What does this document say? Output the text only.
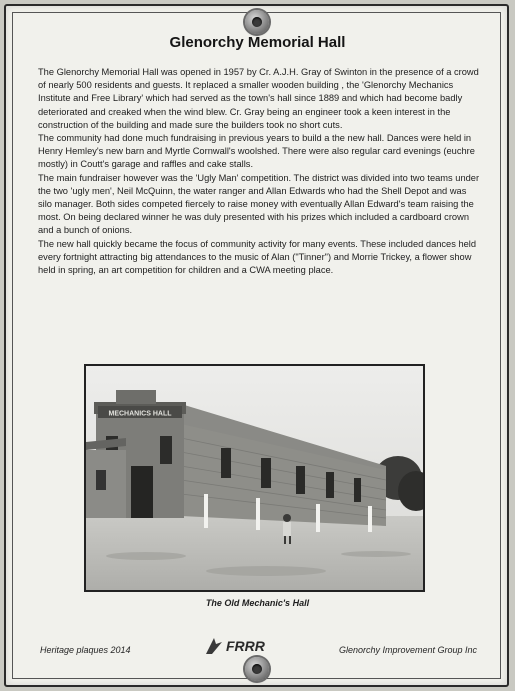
Glenorchy Memorial Hall

The Glenorchy Memorial Hall was opened in 1957 by Cr. A.J.H. Gray of Swinton in the presence of a crowd of nearly 500 residents and guests. It replaced a smaller wooden building , the 'Glenorchy Mechanics Institute and Free Library' which had served as the town's hall since 1889 and which had become badly deteriorated and creaked when the wind blew. Cr. Gray being an engineer took a keen interest in the construction of the building and made sure the builders took no short cuts.

The community had done much fundraising in previous years to build a the new hall. Dances were held in Henry Hemley's new barn and Myrtle Cornwall's woolshed. There were also regular card evenings (euchre mostly) in Coutt's garage and raffles and cake stalls.

The main fundraiser however was the 'Ugly Man' competition. The district was divided into two teams under the two 'ugly men', Neil McQuinn, the water ranger and Allan Edwards who had the Shell Depot and was silo manager. Both sides competed fiercely to raise money with eventually Allan Edward's team raising the most. On being declared winner he was duly presented with his prizes which included a cardboard crown and a bunch of onions.

The new hall quickly became the focus of community activity for many events. These included dances held every fortnight attracting big attendances to the music of Alan ("Tinner") and Morrie Trickey, a flower show held in spring, an art competition for children and a CWA meeting place.

MECHANICS HALL
The Old Mechanic's Hall
Heritage plaques 2014	FRRR	Glenorchy Improvement Group Inc
